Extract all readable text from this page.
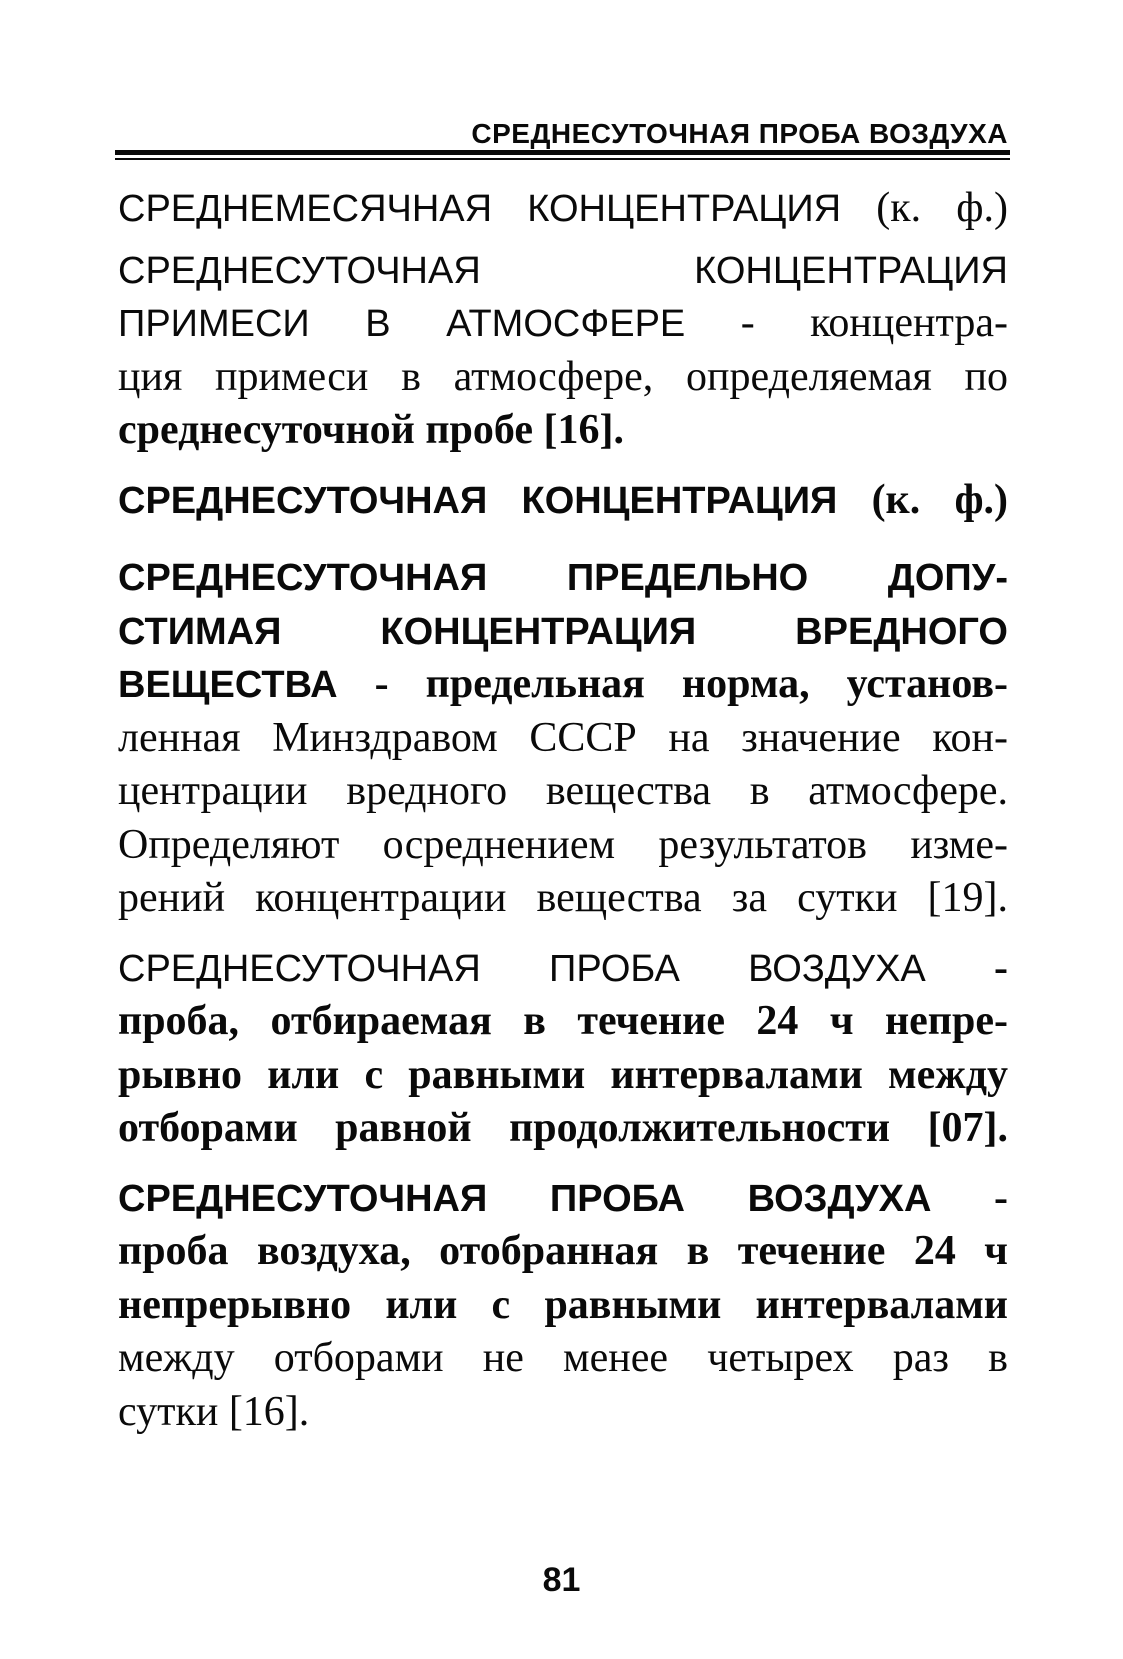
СРЕДНЕСУТОЧНАЯ ПРОБА ВОЗДУХА
СРЕДНЕМЕСЯЧНАЯ КОНЦЕНТРАЦИЯ (к. ф.)
СРЕДНЕСУТОЧНАЯ КОНЦЕНТРАЦИЯ
ПРИМЕСИ В АТМОСФЕРЕ - концентра-
ция примеси в атмосфере, определяемая по
среднесуточной пробе [16].
СРЕДНЕСУТОЧНАЯ КОНЦЕНТРАЦИЯ (к. ф.)
СРЕДНЕСУТОЧНАЯ ПРЕДЕЛЬНО ДОПУ-
СТИМАЯ КОНЦЕНТРАЦИЯ ВРЕДНОГО
ВЕЩЕСТВА - предельная норма, установ-
ленная Минздравом СССР на значение кон-
центрации вредного вещества в атмосфере.
Определяют осреднением результатов изме-
рений концентрации вещества за сутки [19].
СРЕДНЕСУТОЧНАЯ ПРОБА ВОЗДУХА -
проба, отбираемая в течение 24 ч непре-
рывно или с равными интервалами между
отборами равной продолжительности [07].
СРЕДНЕСУТОЧНАЯ ПРОБА ВОЗДУХА -
проба воздуха, отобранная в течение 24 ч
непрерывно или с равными интервалами
между отборами не менее четырех раз в
сутки [16].
81
